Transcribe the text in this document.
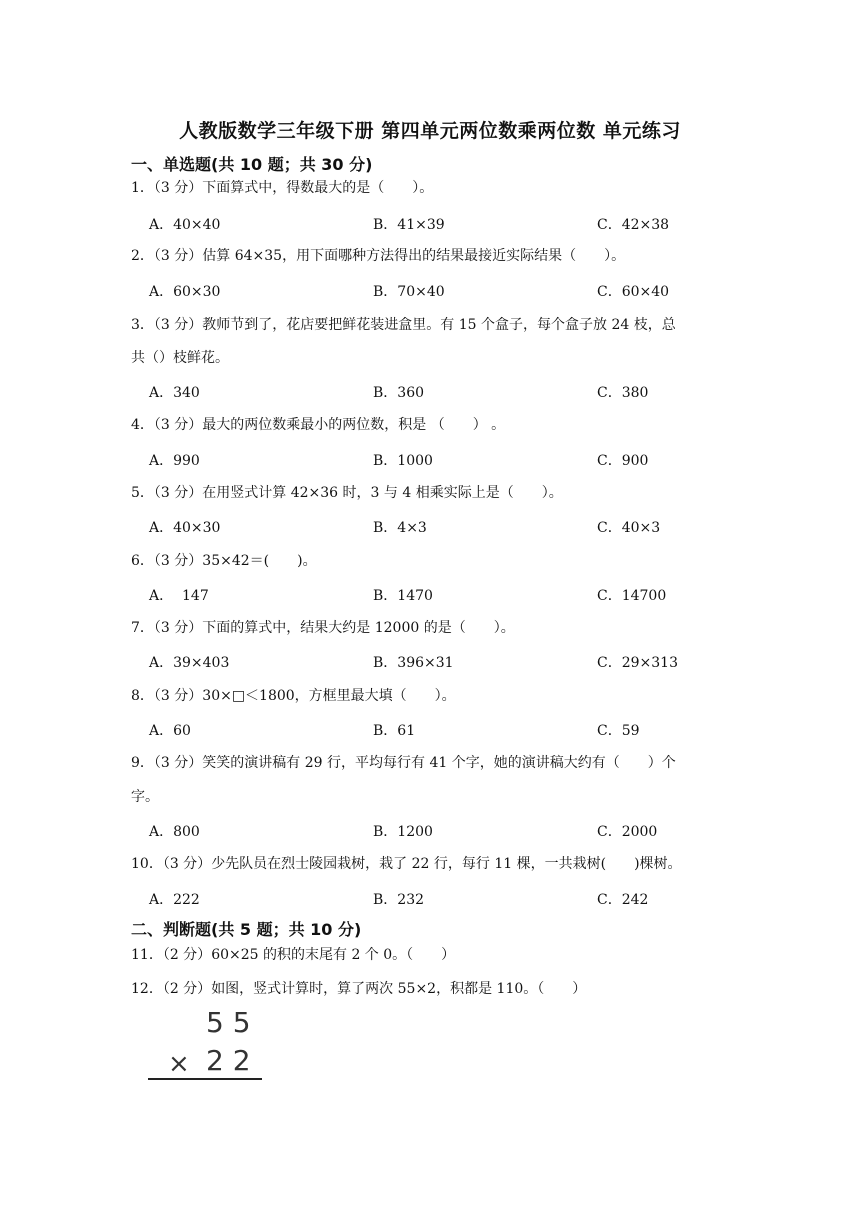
人教版数学三年级下册 第四单元两位数乘两位数 单元练习
一、单选题(共 10 题；共 30 分)
1．（3 分）下面算式中，得数最大的是（　　）。
A．40×40	B．41×39	C．42×38
2．（3 分）估算 64×35，用下面哪种方法得出的结果最接近实际结果（　　）。
A．60×30	B．70×40	C．60×40
3．（3 分）教师节到了，花店要把鲜花装进盒里。有 15 个盒子，每个盒子放 24 枝，总
共（）枝鲜花。
A．340	B．360	C．380
4．（3 分）最大的两位数乘最小的两位数，积是 （　　） 。
A．990	B．1000	C．900
5．（3 分）在用竖式计算 42×36 时，3 与 4 相乘实际上是（　　）。
A．40×30	B．4×3	C．40×3
6．（3 分）35×42＝(　　)。
A．  147	B．1470	C．14700
7．（3 分）下面的算式中，结果大约是 12000 的是（　　）。
A．39×403	B．396×31	C．29×313
8．（3 分）30×□＜1800，方框里最大填（　　）。
A．60	B．61	C．59
9．（3 分）笑笑的演讲稿有 29 行，平均每行有 41 个字，她的演讲稿大约有（　　）个
字。
A．800	B．1200	C．2000
10．（3 分）少先队员在烈士陵园栽树，栽了 22 行，每行 11 棵，一共栽树(　　)棵树。
A．222	B．232	C．242
二、判断题(共 5 题；共 10 分)
11．（2 分）60×25 的积的末尾有 2 个 0。（　　）
12．（2 分）如图，竖式计算时，算了两次 55×2，积都是 110。（　　）
5 5
× 2 2
